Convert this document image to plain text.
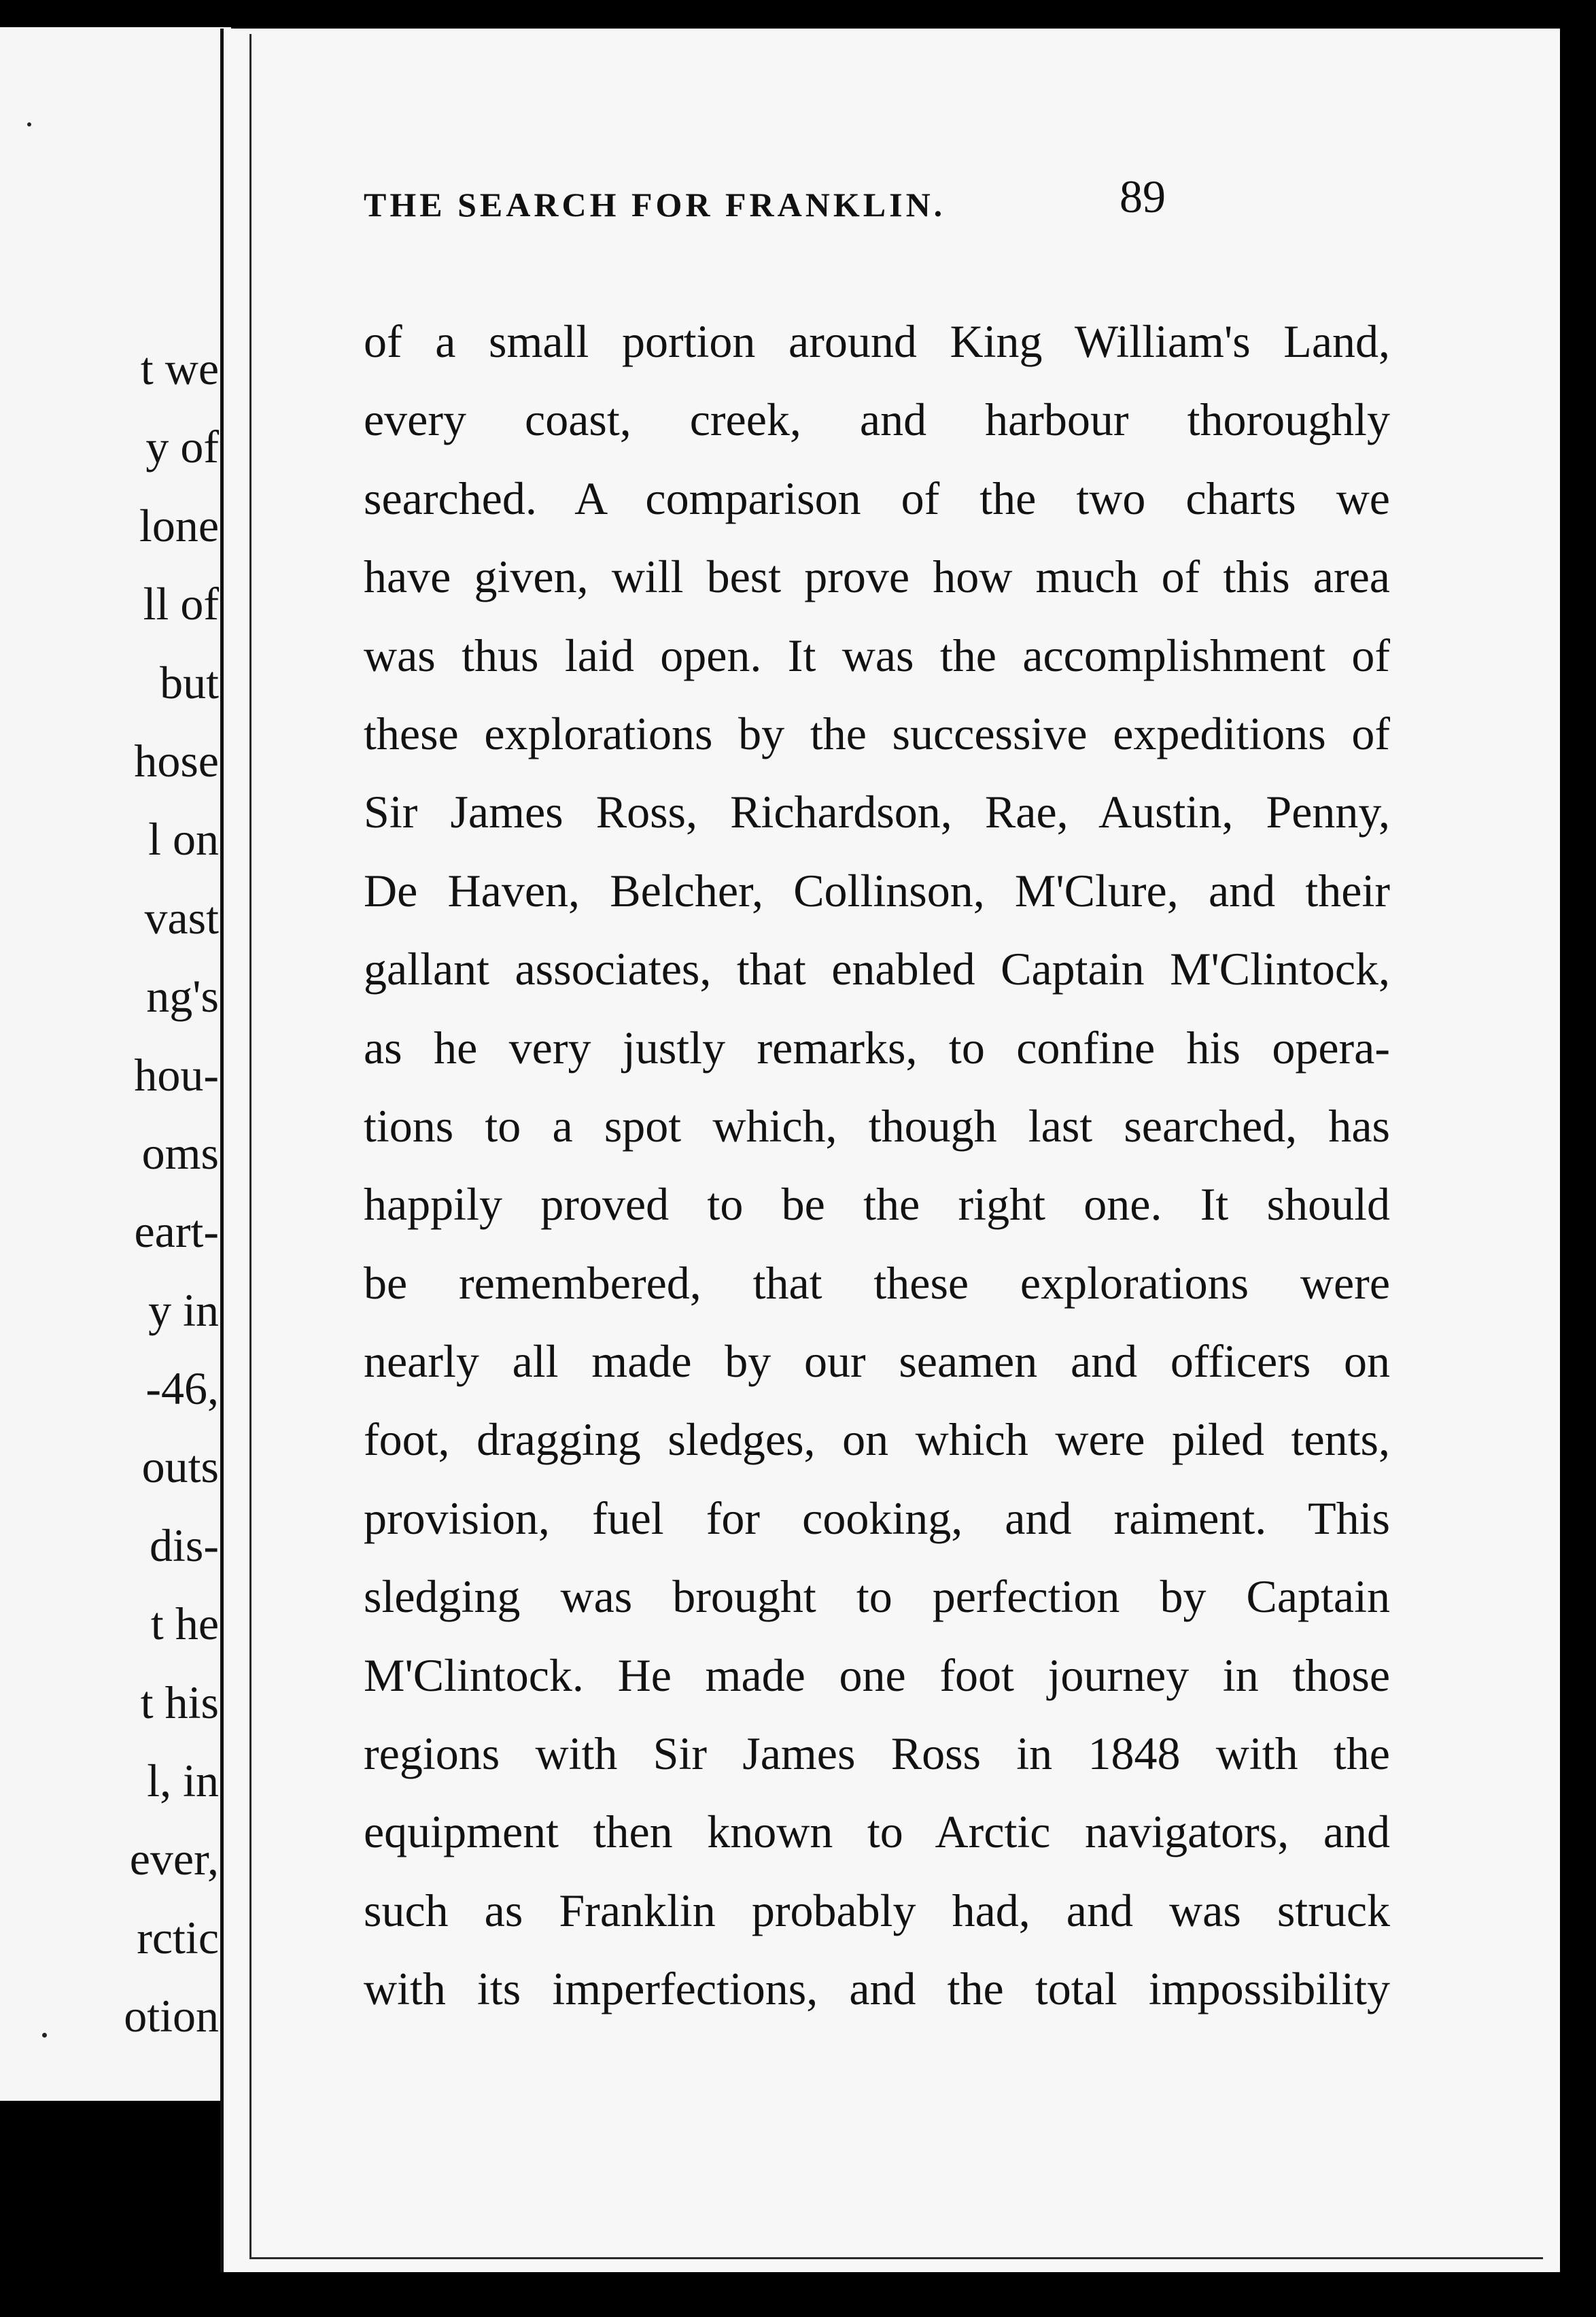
t we
y of
lone
ll of
but
hose
l on
vast
ng's
hou-
oms
eart-
y in
-46,
outs
dis-
t he
t his
l, in
ever,
rctic
otion
THE SEARCH FOR FRANKLIN.	89
of a small portion around King William's Land,
every coast, creek, and harbour thoroughly
searched. A comparison of the two charts we
have given, will best prove how much of this area
was thus laid open. It was the accomplishment of
these explorations by the successive expeditions of
Sir James Ross, Richardson, Rae, Austin, Penny,
De Haven, Belcher, Collinson, M'Clure, and their
gallant associates, that enabled Captain M'Clintock,
as he very justly remarks, to confine his opera-
tions to a spot which, though last searched, has
happily proved to be the right one. It should
be remembered, that these explorations were
nearly all made by our seamen and officers on
foot, dragging sledges, on which were piled tents,
provision, fuel for cooking, and raiment. This
sledging was brought to perfection by Captain
M'Clintock. He made one foot journey in those
regions with Sir James Ross in 1848 with the
equipment then known to Arctic navigators, and
such as Franklin probably had, and was struck
with its imperfections, and the total impossibility
